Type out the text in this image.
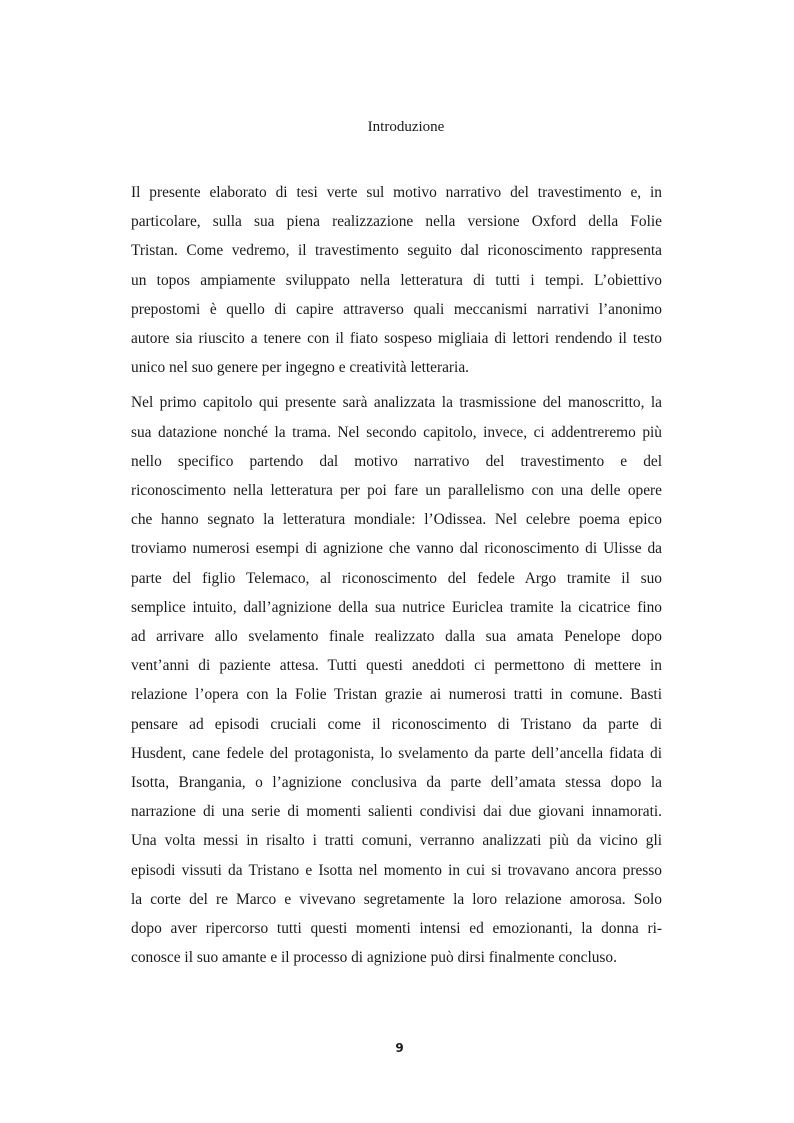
Introduzione
Il presente elaborato di tesi verte sul motivo narrativo del travestimento e, in
particolare, sulla sua piena realizzazione nella versione Oxford della Folie
Tristan. Come vedremo, il travestimento seguito dal riconoscimento rappresenta
un topos ampiamente sviluppato nella letteratura di tutti i tempi. L’obiettivo
prepostomi è quello di capire attraverso quali meccanismi narrativi l’anonimo
autore sia riuscito a tenere con il fiato sospeso migliaia di lettori rendendo il testo
unico nel suo genere per ingegno e creatività letteraria.
Nel primo capitolo qui presente sarà analizzata la trasmissione del manoscritto, la
sua datazione nonché la trama. Nel secondo capitolo, invece, ci addentreremo più
nello specifico partendo dal motivo narrativo del travestimento e del
riconoscimento nella letteratura per poi fare un parallelismo con una delle opere
che hanno segnato la letteratura mondiale: l’Odissea. Nel celebre poema epico
troviamo numerosi esempi di agnizione che vanno dal riconoscimento di Ulisse da
parte del figlio Telemaco, al riconoscimento del fedele Argo tramite il suo
semplice intuito, dall’agnizione della sua nutrice Euriclea tramite la cicatrice fino
ad arrivare allo svelamento finale realizzato dalla sua amata Penelope dopo
vent’anni di paziente attesa. Tutti questi aneddoti ci permettono di mettere in
relazione l’opera con la Folie Tristan grazie ai numerosi tratti in comune. Basti
pensare ad episodi cruciali come il riconoscimento di Tristano da parte di
Husdent, cane fedele del protagonista, lo svelamento da parte dell’ancella fidata di
Isotta, Brangania, o l’agnizione conclusiva da parte dell’amata stessa dopo la
narrazione di una serie di momenti salienti condivisi dai due giovani innamorati.
Una volta messi in risalto i tratti comuni, verranno analizzati più da vicino gli
episodi vissuti da Tristano e Isotta nel momento in cui si trovavano ancora presso
la corte del re Marco e vivevano segretamente la loro relazione amorosa. Solo
dopo aver ripercorso tutti questi momenti intensi ed emozionanti, la donna ri-
conosce il suo amante e il processo di agnizione può dirsi finalmente concluso.
9
